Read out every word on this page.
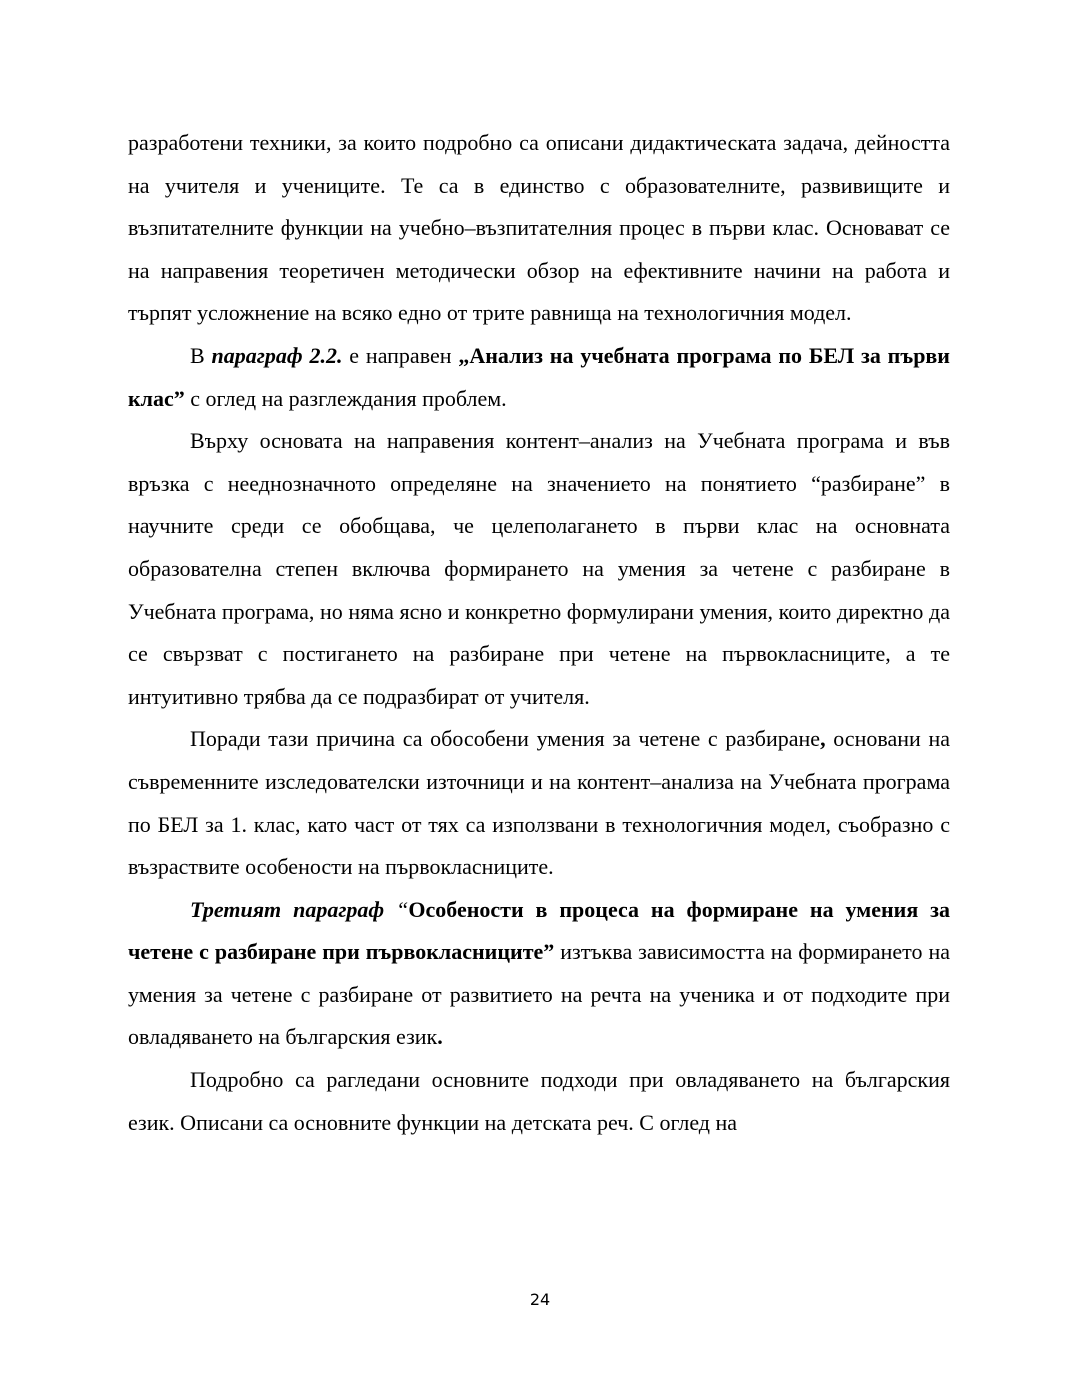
разработени техники, за които подробно са описани дидактическата задача, дейността на учителя и учениците. Те са в единство с образователните, развивищите и възпитателните функции на учебно–възпитателния процес в първи клас. Основават се на направения теоретичен методически обзор на ефективните начини на работа и търпят усложнение на всяко едно от трите равнища на технологичния модел.

В параграф 2.2. е направен „Анализ на учебната програма по БЕЛ за първи клас” с оглед на разглеждания проблем.

Върху основата на направения контент–анализ на Учебната програма и във връзка с нееднозначното определяне на значението на понятието “разбиране” в научните среди се обобщава, че целеполагането в първи клас на основната образователна степен включва формирането на умения за четене с разбиране в Учебната програма, но няма ясно и конкретно формулирани умения, които директно да се свързват с постигането на разбиране при четене на първокласниците, а те интуитивно трябва да се подразбират от учителя.

Поради тази причина са обособени умения за четене с разбиране, основани на съвременните изследователски източници и на контент–анализа на Учебната програма по БЕЛ за 1. клас, като част от тях са използвани в технологичния модел, съобразно с възраствите особености на първокласниците.

Третият параграф “Особености в процеса на формиране на умения за четене с разбиране при първокласниците” изтъква зависимостта на формирането на умения за четене с разбиране от развитието на речта на ученика и от подходите при овладяването на българския език.

Подробно са рагледани основните подходи при овладяването на българския език. Описани са основните функции на детската реч. С оглед на

24
